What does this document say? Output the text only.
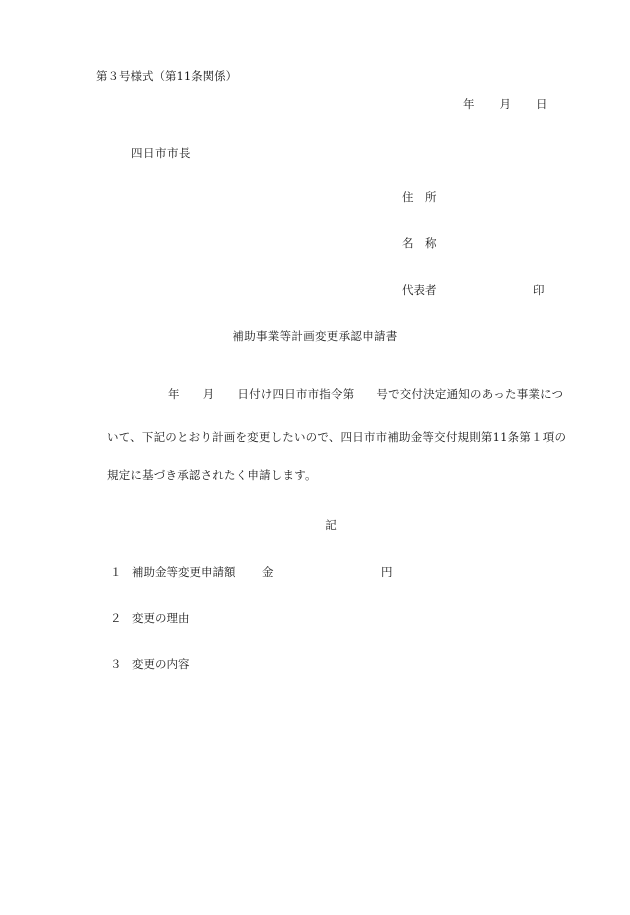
第３号様式（第11条関係）
年 月 日
四日市市長
住　所
名　称
代表者	印
補助事業等計画変更承認申請書
年 月 日付け四日市市指令第 号で交付決定通知のあった事業につ
いて、下記のとおり計画を変更したいので、四日市市補助金等交付規則第11条第１項の
規定に基づき承認されたく申請します。
記
１ 補助金等変更申請額 金	円
２ 変更の理由
３ 変更の内容
